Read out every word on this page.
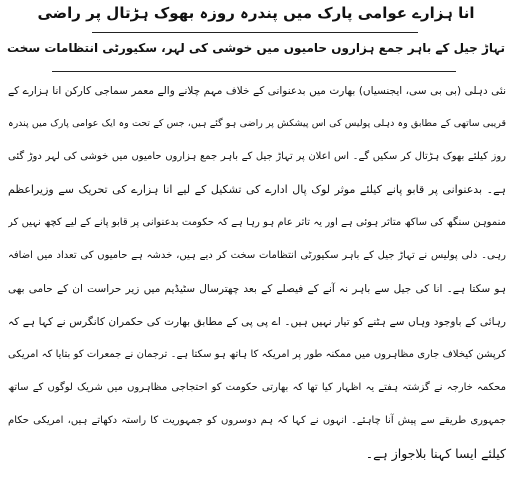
انا ہزارے عوامی پارک میں پندرہ روزہ بھوک ہڑتال پر راضی
تہاڑ جیل کے باہر جمع ہزاروں حامیوں میں خوشی کی لہر، سکیورٹی انتظامات سخت
نئی دہلی (بی بی سی، ایجنسیاں) بھارت میں بدعنوانی کے خلاف مہم چلانے والے معمر سماجی کارکن انا ہزارے کے
قریبی ساتھی کے مطابق وہ دہلی پولیس کی اس پیشکش پر راضی ہو گئے ہیں، جس کے تحت وہ ایک عوامی پارک میں پندرہ
روز کیلئے بھوک ہڑتال کر سکیں گے۔ اس اعلان پر تہاڑ جیل کے باہر جمع ہزاروں حامیوں میں خوشی کی لہر دوڑ گئی
ہے۔ بدعنوانی پر قابو پانے کیلئے موثر لوک پال ادارے کی تشکیل کے لیے انا ہزارے کی تحریک سے وزیراعظم
منموہن سنگھ کی ساکھ متاثر ہوئی ہے اور یہ تاثر عام ہو رہا ہے کہ حکومت بدعنوانی پر قابو پانے کے لیے کچھ نہیں کر
رہی۔ دلی پولیس نے تہاڑ جیل کے باہر سکیورٹی انتظامات سخت کر دیے ہیں، خدشہ ہے حامیوں کی تعداد میں اضافہ
ہو سکتا ہے۔ انا کی جیل سے باہر نہ آنے کے فیصلے کے بعد چھترسال سٹیڈیم میں زیر حراست ان کے حامی بھی
رہائی کے باوجود وہاں سے ہٹنے کو تیار نہیں ہیں۔ اے پی پی کے مطابق بھارت کی حکمران کانگرس نے کہا ہے کہ
کرپشن کیخلاف جاری مظاہروں میں ممکنہ طور پر امریکہ کا ہاتھ ہو سکتا ہے۔ ترجمان نے جمعرات کو بتایا کہ امریکی
محکمہ خارجہ نے گزشتہ ہفتے یہ اظہار کیا تھا کہ بھارتی حکومت کو احتجاجی مظاہروں میں شریک لوگوں کے ساتھ
جمہوری طریقے سے پیش آنا چاہئے۔ انہوں نے کہا کہ ہم دوسروں کو جمہوریت کا راستہ دکھاتے ہیں، امریکی حکام
کیلئے ایسا کہنا بلاجواز ہے۔
